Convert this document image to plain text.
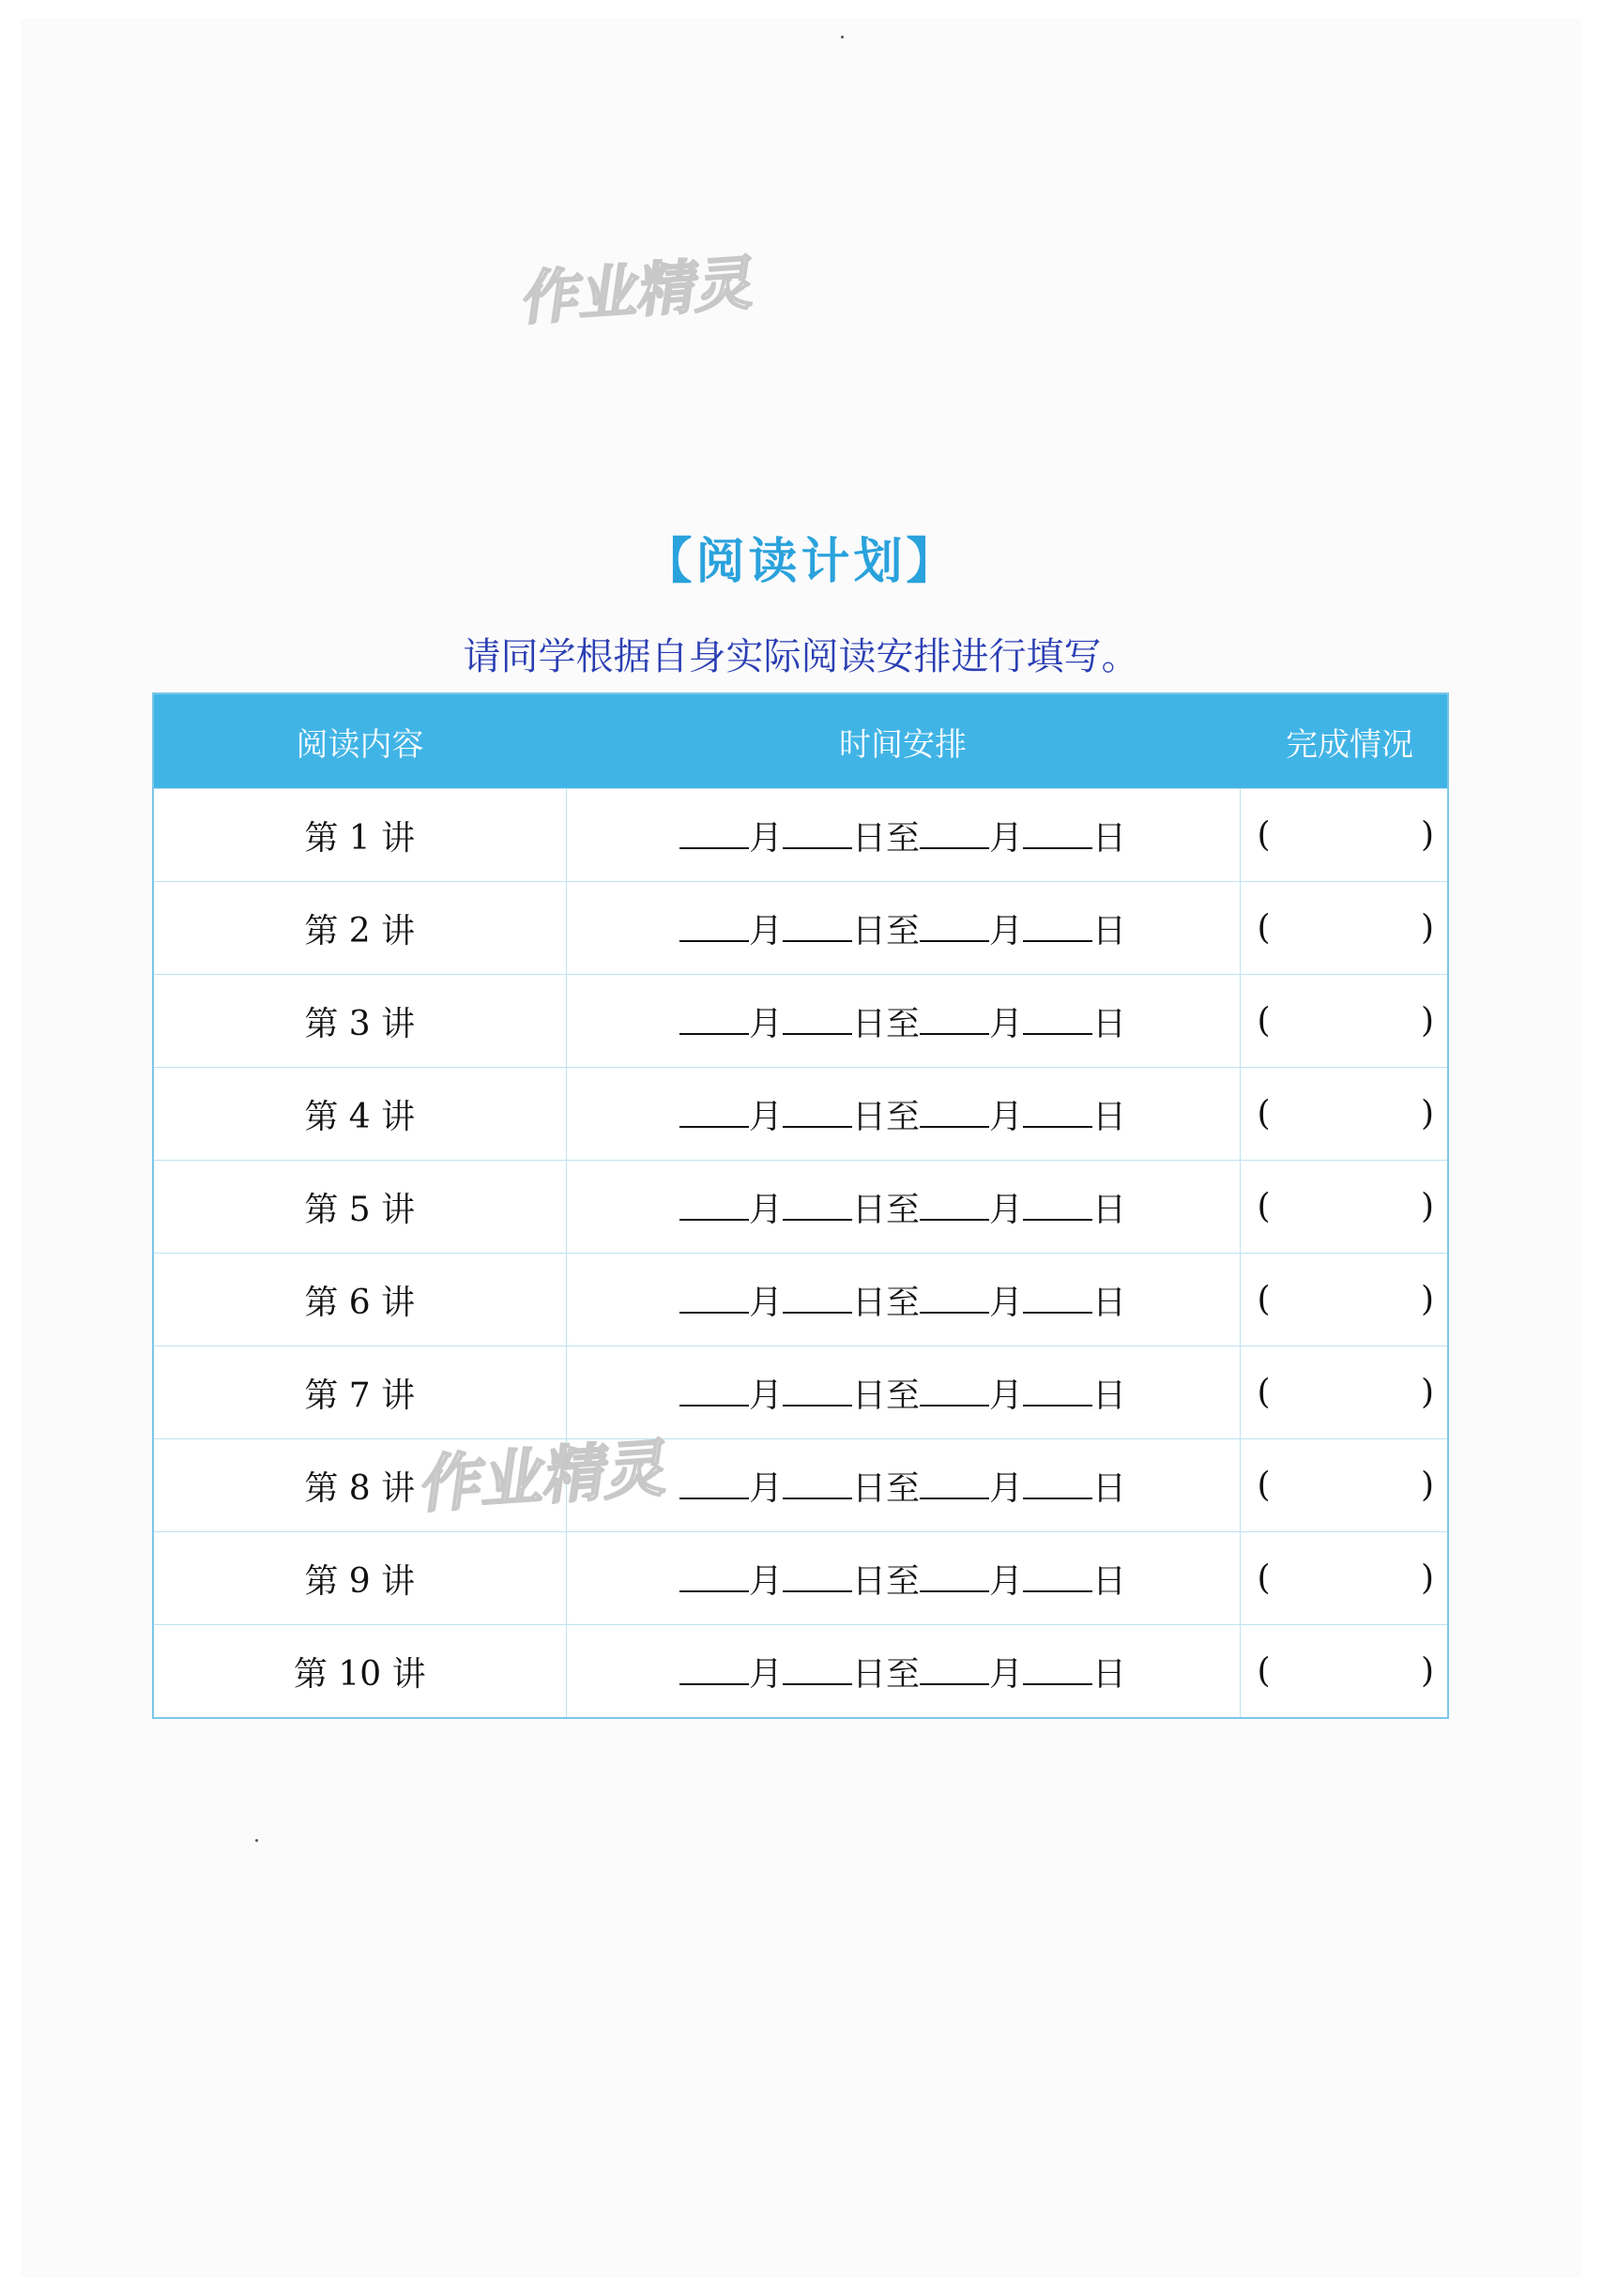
作业精灵
【阅读计划】
请同学根据自身实际阅读安排进行填写。
阅读内容	时间安排	完成情况
第 1 讲	月 日至 月 日	( )

第 2 讲	月 日至 月 日	( )

第 3 讲	月 日至 月 日	( )

第 4 讲	月 日至 月 日	( )

第 5 讲	月 日至 月 日	( )

第 6 讲	月 日至 月 日	( )

第 7 讲	月 日至 月 日	( )

第 8 讲	月 日至 月 日	( )

第 9 讲	月 日至 月 日	( )

第 10 讲	月 日至 月 日	( )
作业精灵
